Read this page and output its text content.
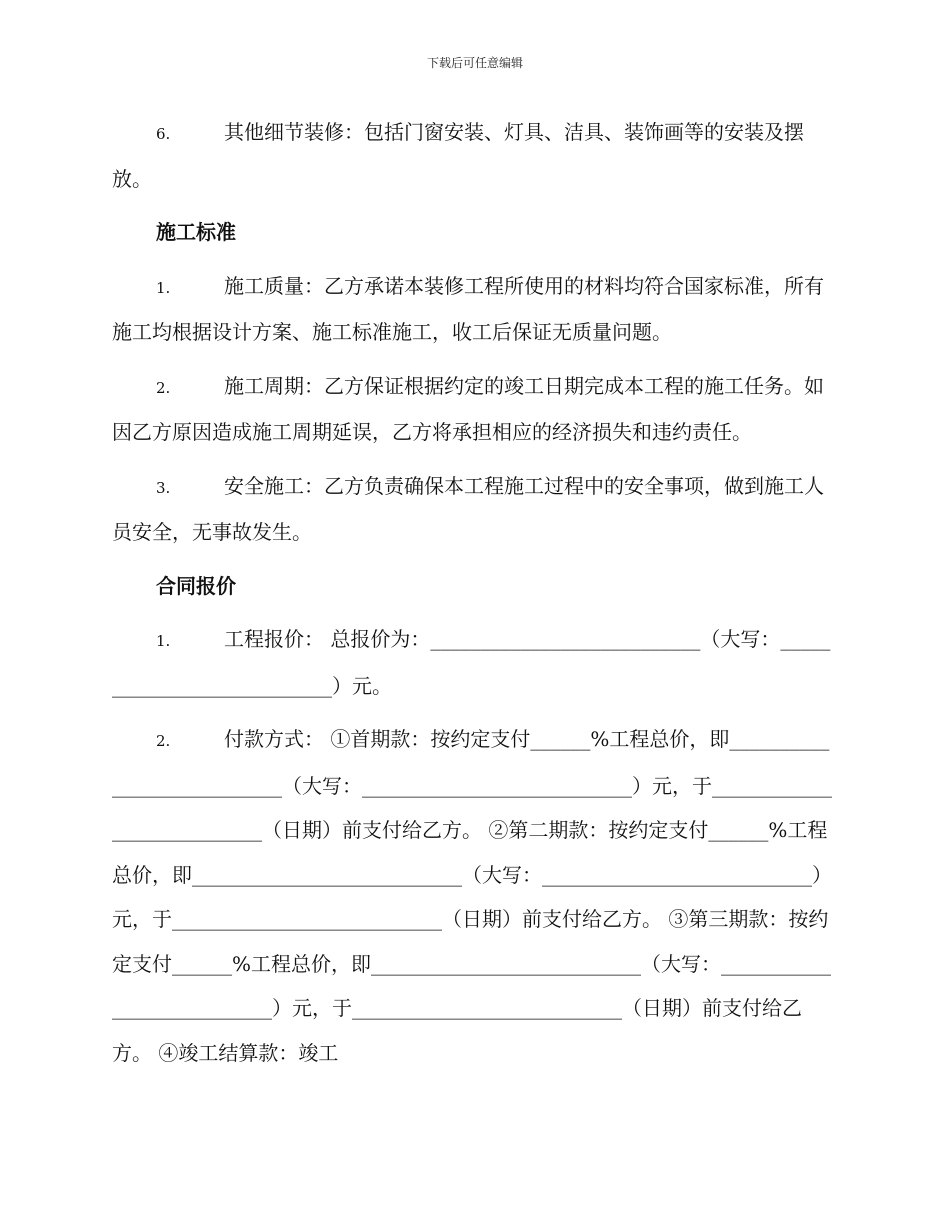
下载后可任意编辑

6.	其他细节装修：包括门窗安装、灯具、洁具、装饰画等的安装及摆放。

施工标准

1.	施工质量：乙方承诺本装修工程所使用的材料均符合国家标准，所有施工均根据设计方案、施工标准施工，收工后保证无质量问题。

2.	施工周期：乙方保证根据约定的竣工日期完成本工程的施工任务。如因乙方原因造成施工周期延误，乙方将承担相应的经济损失和违约责任。

3.	安全施工：乙方负责确保本工程施工过程中的安全事项，做到施工人员安全，无事故发生。

合同报价

1.	工程报价： 总报价为：___________________________（大写：___________________________）元。

2.	付款方式： ①首期款：按约定支付______%工程总价，即___________________________（大写：___________________________）元，于___________________________（日期）前支付给乙方。 ②第二期款：按约定支付______%工程总价，即___________________________（大写：___________________________）元，于___________________________（日期）前支付给乙方。 ③第三期款：按约定支付______%工程总价，即___________________________（大写：___________________________）元，于___________________________（日期）前支付给乙方。 ④竣工结算款：竣工
